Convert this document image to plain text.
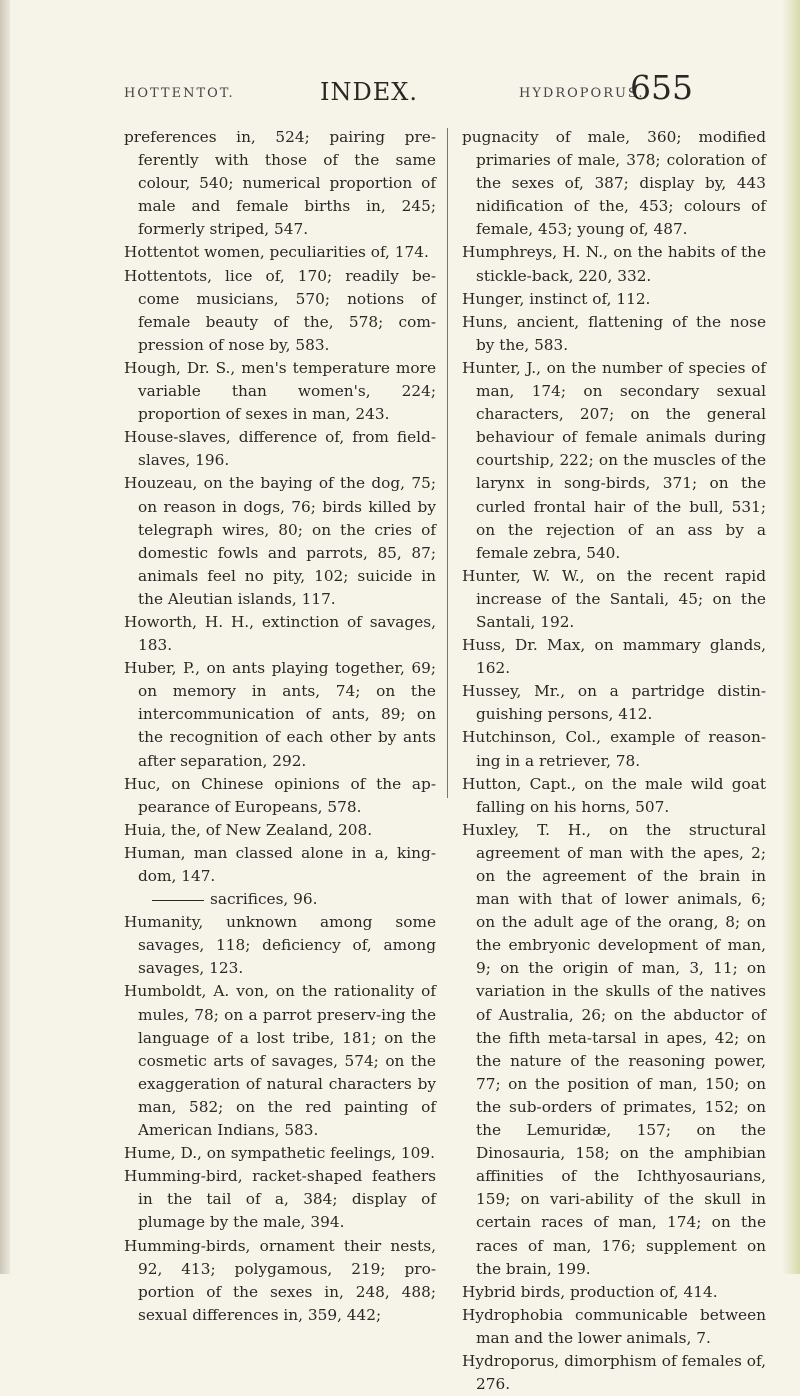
HOTTENTOT.	INDEX.	HYDROPORUS.
655

preferences in, 524; pairing pre-ferently with those of the same colour, 540; numerical proportion of male and female births in, 245; formerly striped, 547.

Hottentot women, peculiarities of, 174.

Hottentots, lice of, 170; readily be-come musicians, 570; notions of female beauty of the, 578; com-pression of nose by, 583.

Hough, Dr. S., men's temperature more variable than women's, 224; proportion of sexes in man, 243.

House-slaves, difference of, from field-slaves, 196.

Houzeau, on the baying of the dog, 75; on reason in dogs, 76; birds killed by telegraph wires, 80; on the cries of domestic fowls and parrots, 85, 87; animals feel no pity, 102; suicide in the Aleutian islands, 117.

Howorth, H. H., extinction of savages, 183.

Huber, P., on ants playing together, 69; on memory in ants, 74; on the intercommunication of ants, 89; on the recognition of each other by ants after separation, 292.

Huc, on Chinese opinions of the ap-pearance of Europeans, 578.

Huia, the, of New Zealand, 208.

Human, man classed alone in a, king-dom, 147.

sacrifices, 96.

Humanity, unknown among some savages, 118; deficiency of, among savages, 123.

Humboldt, A. von, on the rationality of mules, 78; on a parrot preserv-ing the language of a lost tribe, 181; on the cosmetic arts of savages, 574; on the exaggeration of natural characters by man, 582; on the red painting of American Indians, 583.

Hume, D., on sympathetic feelings, 109.

Humming-bird, racket-shaped feathers in the tail of a, 384; display of plumage by the male, 394.

Humming-birds, ornament their nests, 92, 413; polygamous, 219; pro-portion of the sexes in, 248, 488; sexual differences in, 359, 442;

pugnacity of male, 360; modified primaries of male, 378; coloration of the sexes of, 387; display by, 443 nidification of the, 453; colours of female, 453; young of, 487.

Humphreys, H. N., on the habits of the stickle-back, 220, 332.

Hunger, instinct of, 112.

Huns, ancient, flattening of the nose by the, 583.

Hunter, J., on the number of species of man, 174; on secondary sexual characters, 207; on the general behaviour of female animals during courtship, 222; on the muscles of the larynx in song-birds, 371; on the curled frontal hair of the bull, 531; on the rejection of an ass by a female zebra, 540.

Hunter, W. W., on the recent rapid increase of the Santali, 45; on the Santali, 192.

Huss, Dr. Max, on mammary glands, 162.

Hussey, Mr., on a partridge distin-guishing persons, 412.

Hutchinson, Col., example of reason-ing in a retriever, 78.

Hutton, Capt., on the male wild goat falling on his horns, 507.

Huxley, T. H., on the structural agreement of man with the apes, 2; on the agreement of the brain in man with that of lower animals, 6; on the adult age of the orang, 8; on the embryonic development of man, 9; on the origin of man, 3, 11; on variation in the skulls of the natives of Australia, 26; on the abductor of the fifth meta-tarsal in apes, 42; on the nature of the reasoning power, 77; on the position of man, 150; on the sub-orders of primates, 152; on the Lemuridæ, 157; on the Dinosauria, 158; on the amphibian affinities of the Ichthyosaurians, 159; on vari-ability of the skull in certain races of man, 174; on the races of man, 176; supplement on the brain, 199.

Hybrid birds, production of, 414.

Hydrophobia communicable between man and the lower animals, 7.

Hydroporus, dimorphism of females of, 276.
